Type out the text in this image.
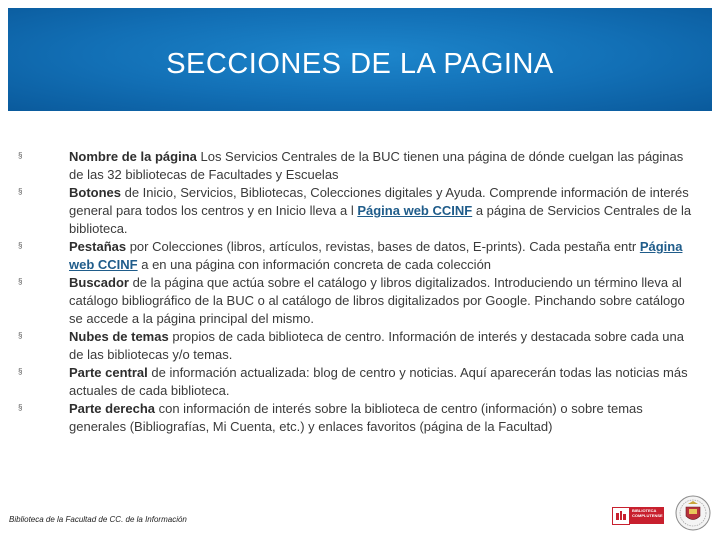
SECCIONES DE LA PAGINA

§	Nombre de la página Los Servicios Centrales de la BUC tienen una página de dónde cuelgan las páginas de las 32 bibliotecas de Facultades y Escuelas

§	Botones de Inicio, Servicios, Bibliotecas, Colecciones digitales y Ayuda. Comprende información de interés general para todos los centros y en Inicio lleva a l Página web CCINF a página de Servicios Centrales de la biblioteca.

§	Pestañas por Colecciones (libros, artículos, revistas, bases de datos, E-prints). Cada pestaña entr Página web CCINF a en una página con información concreta de cada colección

§	Buscador de la página que actúa sobre el catálogo y libros digitalizados. Introduciendo un término lleva al catálogo bibliográfico de la BUC o al catálogo de libros digitalizados por Google. Pinchando sobre catálogo se accede a la página principal del mismo.

§	Nubes de temas propios de cada biblioteca de centro. Información de interés y destacada sobre cada una de las bibliotecas y/o temas.

§	Parte central de información actualizada: blog de centro y noticias. Aquí aparecerán todas las noticias más actuales de cada biblioteca.

§	Parte derecha con información de interés sobre la biblioteca de centro (información) o sobre temas generales (Bibliografías, Mi Cuenta, etc.) y enlaces favoritos (página de la Facultad)

Biblioteca de la Facultad de CC. de la Información
BIBLIOTECA COMPLUTENSE
